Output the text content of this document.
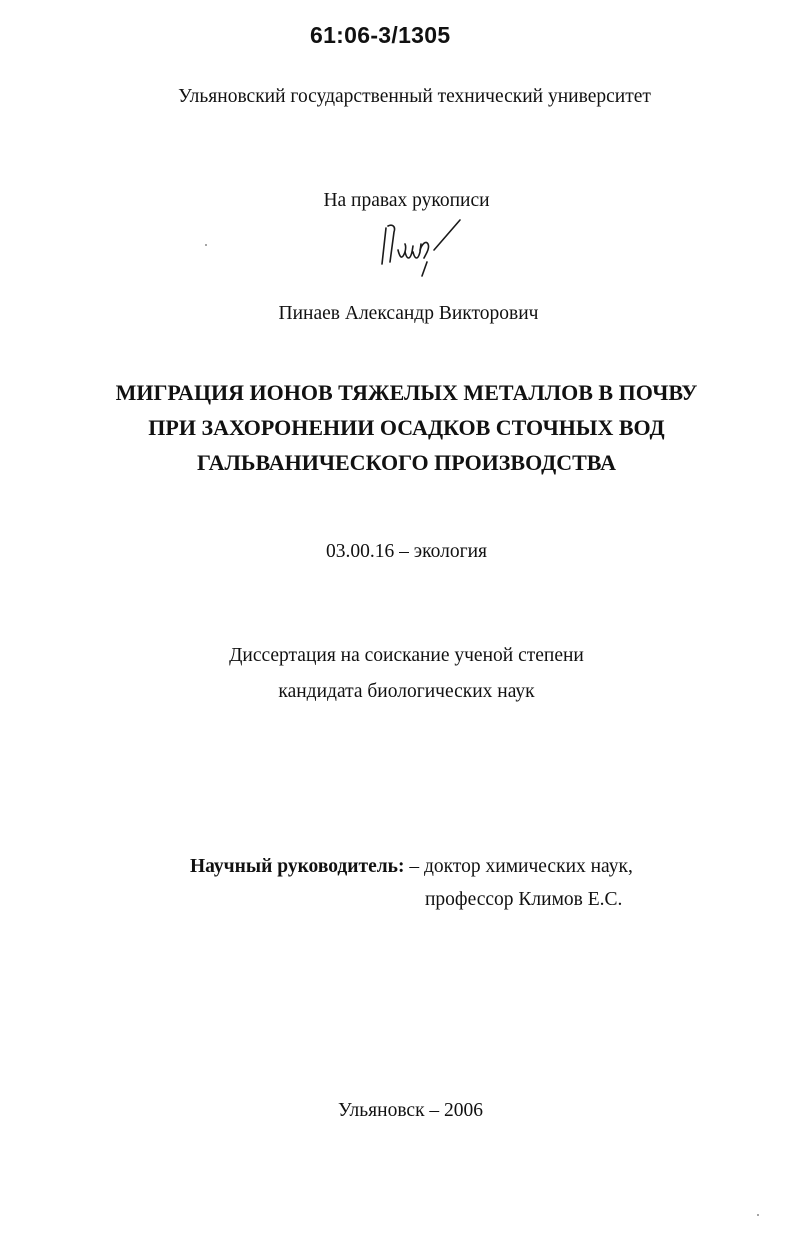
61:06-3/1305
Ульяновский государственный технический университет
На правах рукописи
Пинаев Александр Викторович
МИГРАЦИЯ ИОНОВ ТЯЖЕЛЫХ МЕТАЛЛОВ В ПОЧВУ
ПРИ ЗАХОРОНЕНИИ ОСАДКОВ СТОЧНЫХ ВОД
ГАЛЬВАНИЧЕСКОГО ПРОИЗВОДСТВА
03.00.16 – экология
Диссертация на соискание ученой степени
кандидата биологических наук
Научный руководитель: – доктор химических наук,
профессор Климов Е.С.
Ульяновск – 2006
